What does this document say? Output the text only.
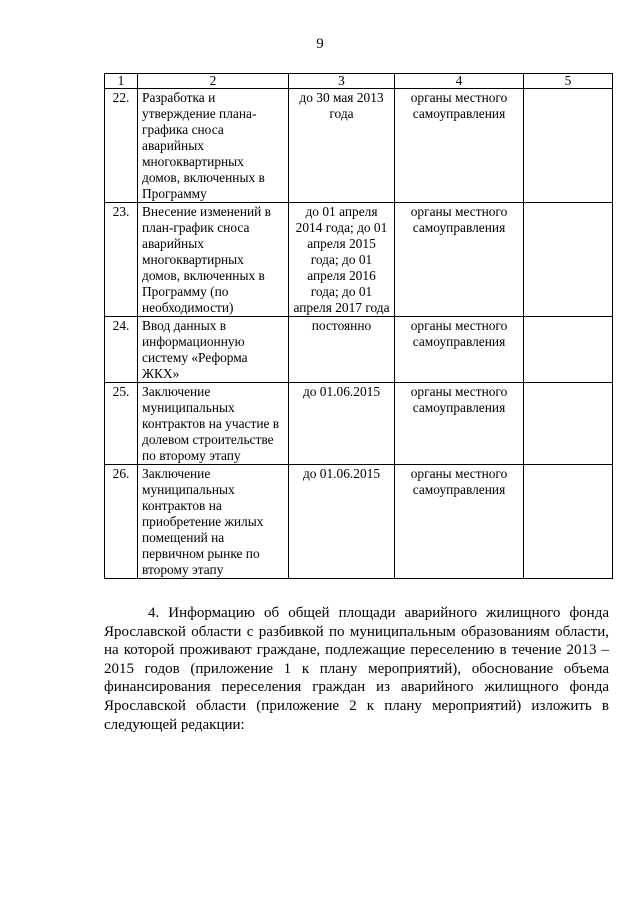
9
1	2	3	4	5
22.	Разработка и утверждение плана-графика сноса аварийных многоквартирных домов, включенных в Программу	до 30 мая 2013 года	органы местного самоуправления	
23.	Внесение изменений в план-график сноса аварийных многоквартирных домов, включенных в Программу (по необходимости)	до 01 апреля 2014 года; до 01 апреля 2015 года; до 01 апреля 2016 года; до 01 апреля 2017 года	органы местного самоуправления	
24.	Ввод данных в информационную систему «Реформа ЖКХ»	постоянно	органы местного самоуправления	
25.	Заключение муниципальных контрактов на участие в долевом строительстве по второму этапу	до 01.06.2015	органы местного самоуправления	
26.	Заключение муниципальных контрактов на приобретение жилых помещений на первичном рынке по второму этапу	до 01.06.2015	органы местного самоуправления	

4. Информацию об общей площади аварийного жилищного фонда Ярославской области с разбивкой по муниципальным образованиям области, на которой проживают граждане, подлежащие переселению в течение 2013 – 2015 годов (приложение 1 к плану мероприятий), обоснование объема финансирования переселения граждан из аварийного жилищного фонда Ярославской области (приложение 2 к плану мероприятий) изложить в следующей редакции:
